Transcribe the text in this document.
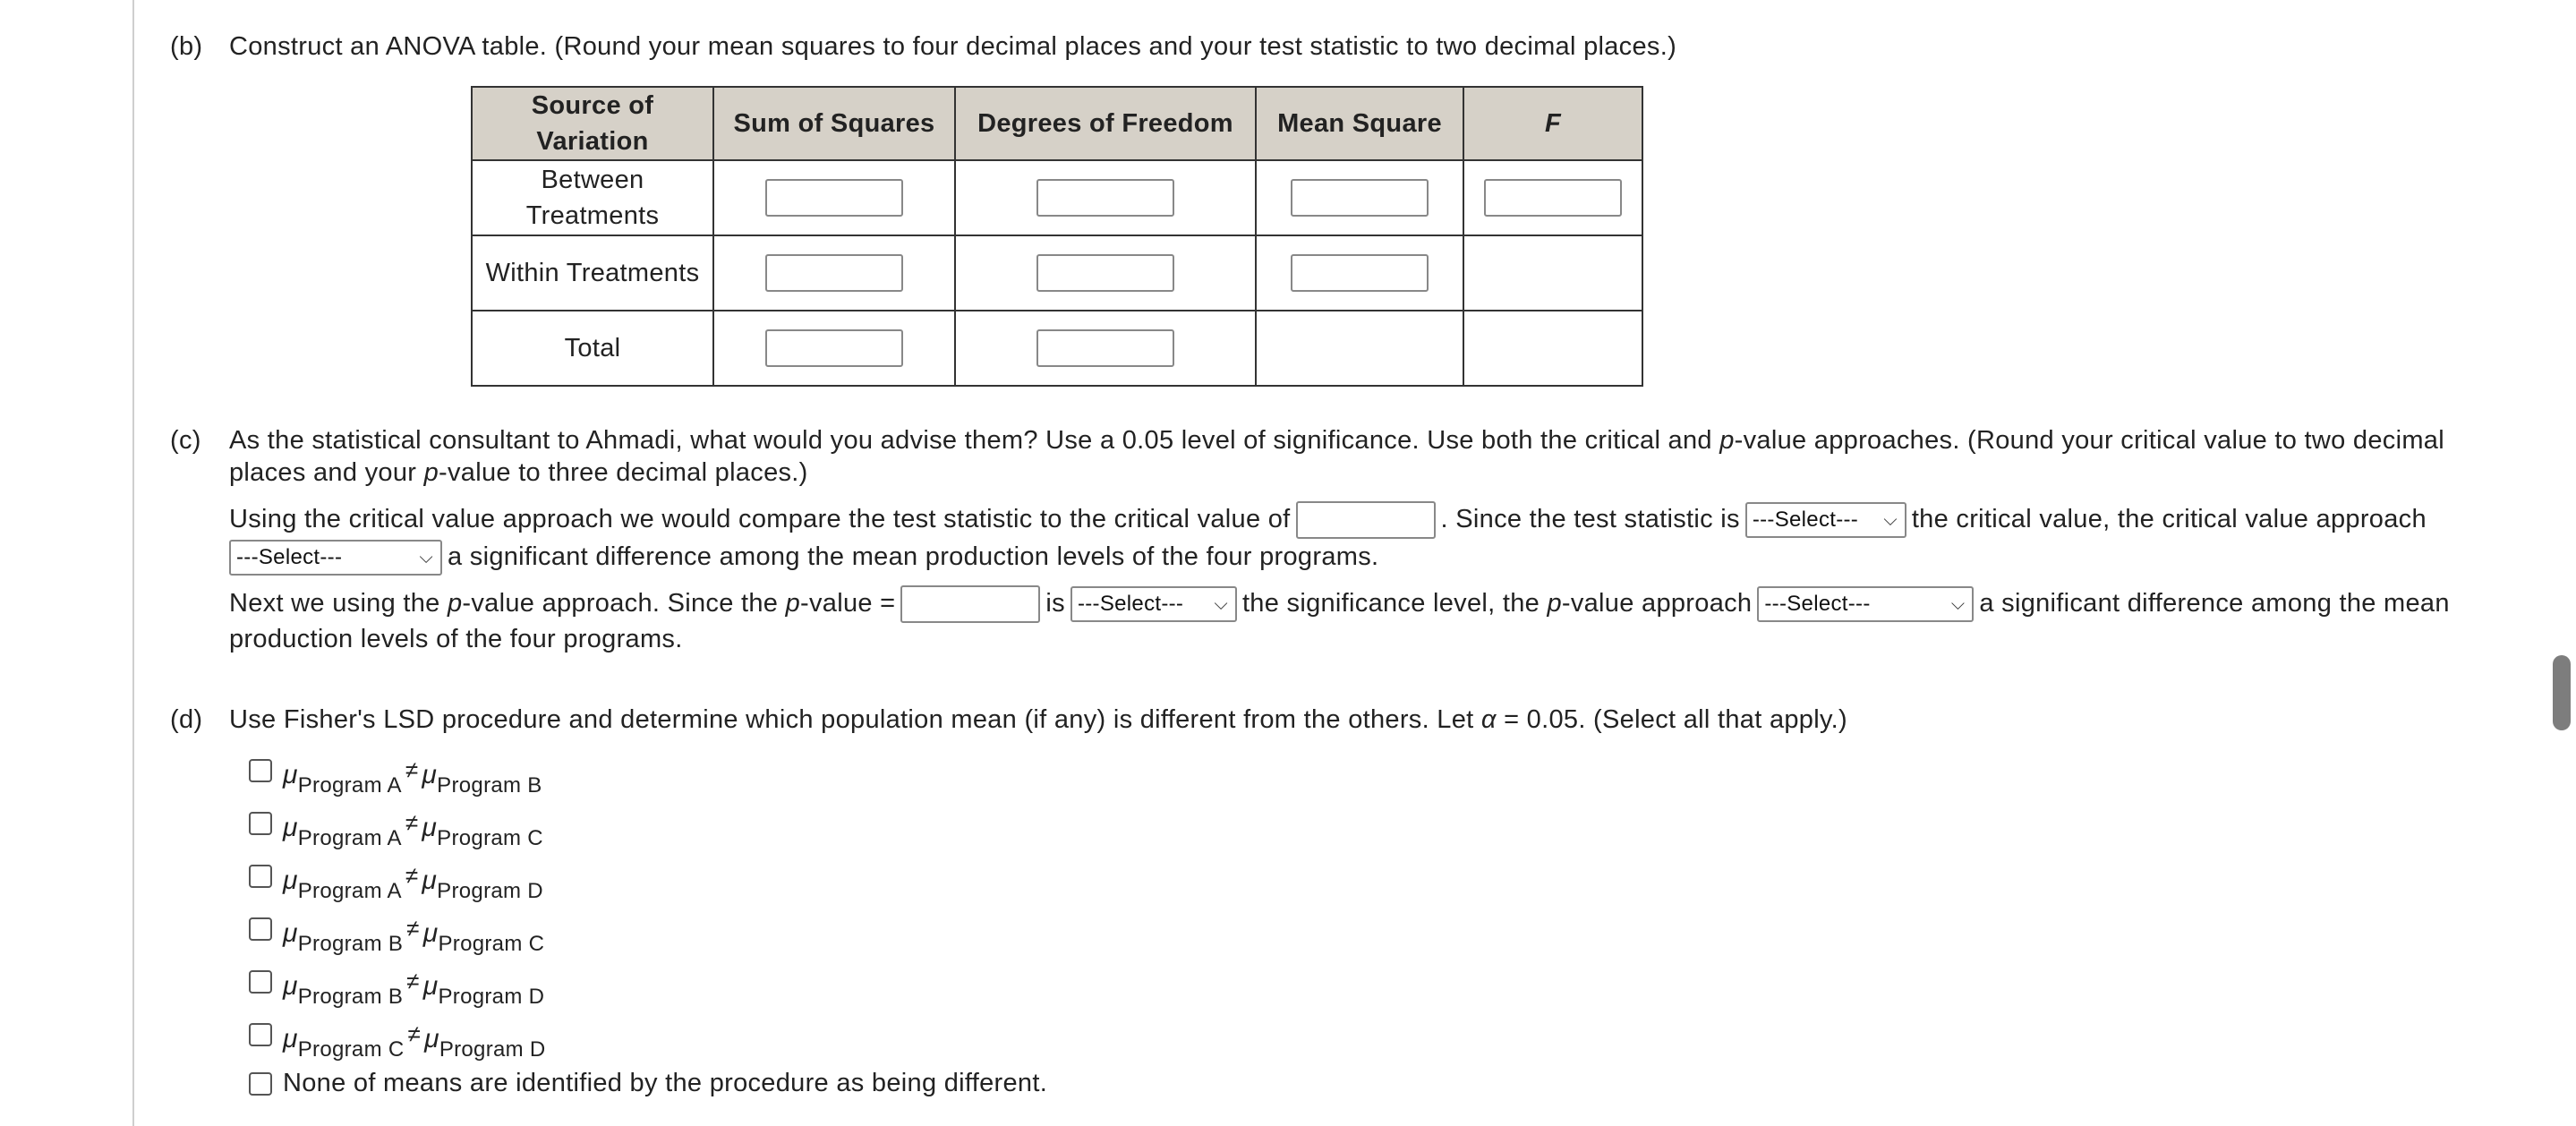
(b) Construct an ANOVA table. (Round your mean squares to four decimal places and your test statistic to two decimal places.)
Source of Variation	Sum of Squares	Degrees of Freedom	Mean Square	F
Between Treatments				
Within Treatments				
Total				
(c) As the statistical consultant to Ahmadi, what would you advise them? Use a 0.05 level of significance. Use both the critical and p-value approaches. (Round your critical value to two decimal
places and your p-value to three decimal places.)
Using the critical value approach we would compare the test statistic to the critical value of	. Since the test statistic is ---Select--- ⌵ the critical value, the critical value approach
---Select---	⌵ a significant difference among the mean production levels of the four programs.
Next we using the p-value approach. Since the p-value =	is ---Select--- ⌵ the significance level, the p-value approach ---Select---	⌵ a significant difference among the mean
production levels of the four programs.
(d) Use Fisher's LSD procedure and determine which population mean (if any) is different from the others. Let α = 0.05. (Select all that apply.)
μProgram A≠ μProgram B
μProgram A≠ μProgram C
μProgram A≠ μProgram D
μProgram B≠ μProgram C
μProgram B≠ μProgram D
μProgram C≠ μProgram D
None of means are identified by the procedure as being different.
